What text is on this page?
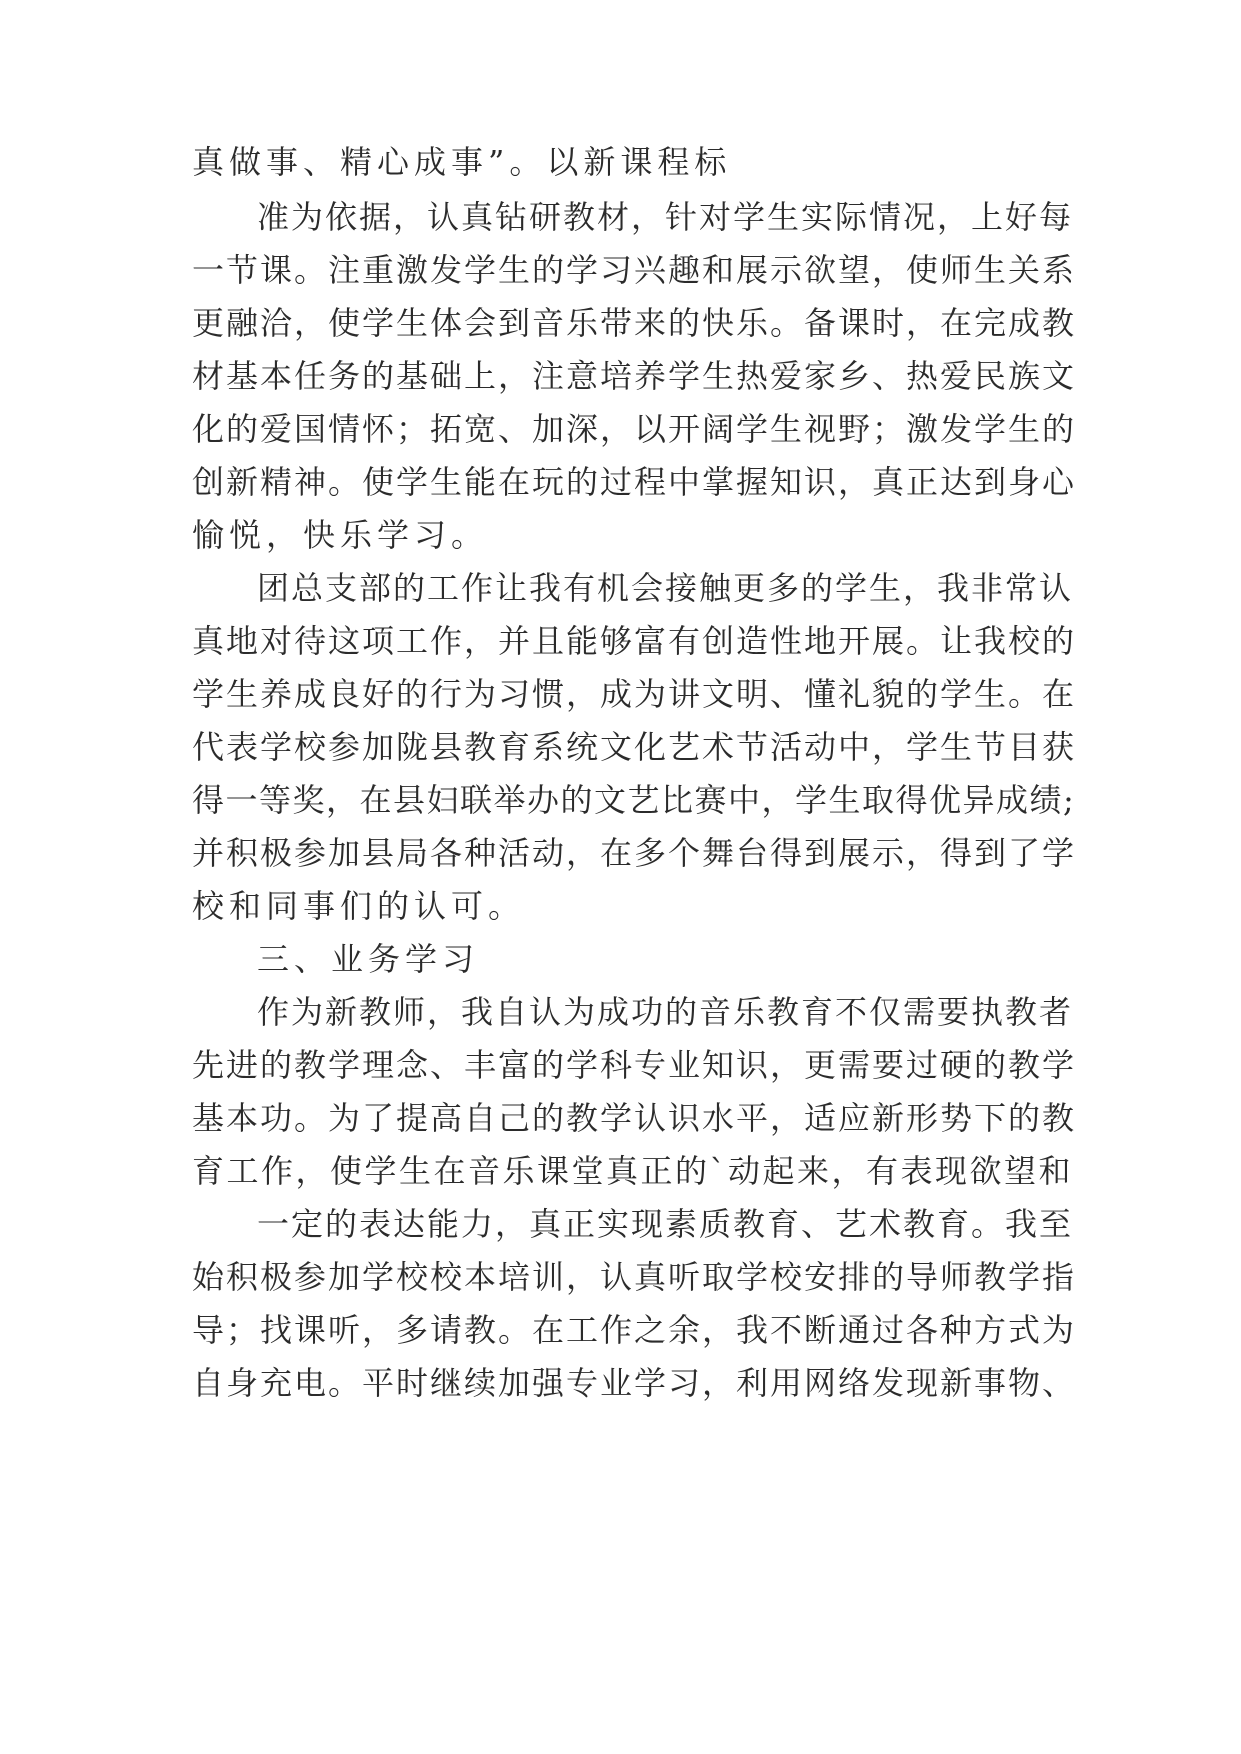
真做事、精心成事”。以新课程标
准为依据，认真钻研教材，针对学生实际情况，上好每
一节课。注重激发学生的学习兴趣和展示欲望，使师生关系
更融洽，使学生体会到音乐带来的快乐。备课时，在完成教
材基本任务的基础上，注意培养学生热爱家乡、热爱民族文
化的爱国情怀；拓宽、加深，以开阔学生视野；激发学生的
创新精神。使学生能在玩的过程中掌握知识，真正达到身心
愉悦，快乐学习。
团总支部的工作让我有机会接触更多的学生，我非常认
真地对待这项工作，并且能够富有创造性地开展。让我校的
学生养成良好的行为习惯，成为讲文明、懂礼貌的学生。在
代表学校参加陇县教育系统文化艺术节活动中，学生节目获
得一等奖，在县妇联举办的文艺比赛中，学生取得优异成绩;
并积极参加县局各种活动，在多个舞台得到展示，得到了学
校和同事们的认可。
三、业务学习
作为新教师，我自认为成功的音乐教育不仅需要执教者
先进的教学理念、丰富的学科专业知识，更需要过硬的教学
基本功。为了提高自己的教学认识水平，适应新形势下的教
育工作，使学生在音乐课堂真正的`动起来，有表现欲望和
一定的表达能力，真正实现素质教育、艺术教育。我至
始积极参加学校校本培训，认真听取学校安排的导师教学指
导；找课听，多请教。在工作之余，我不断通过各种方式为
自身充电。平时继续加强专业学习，利用网络发现新事物、
